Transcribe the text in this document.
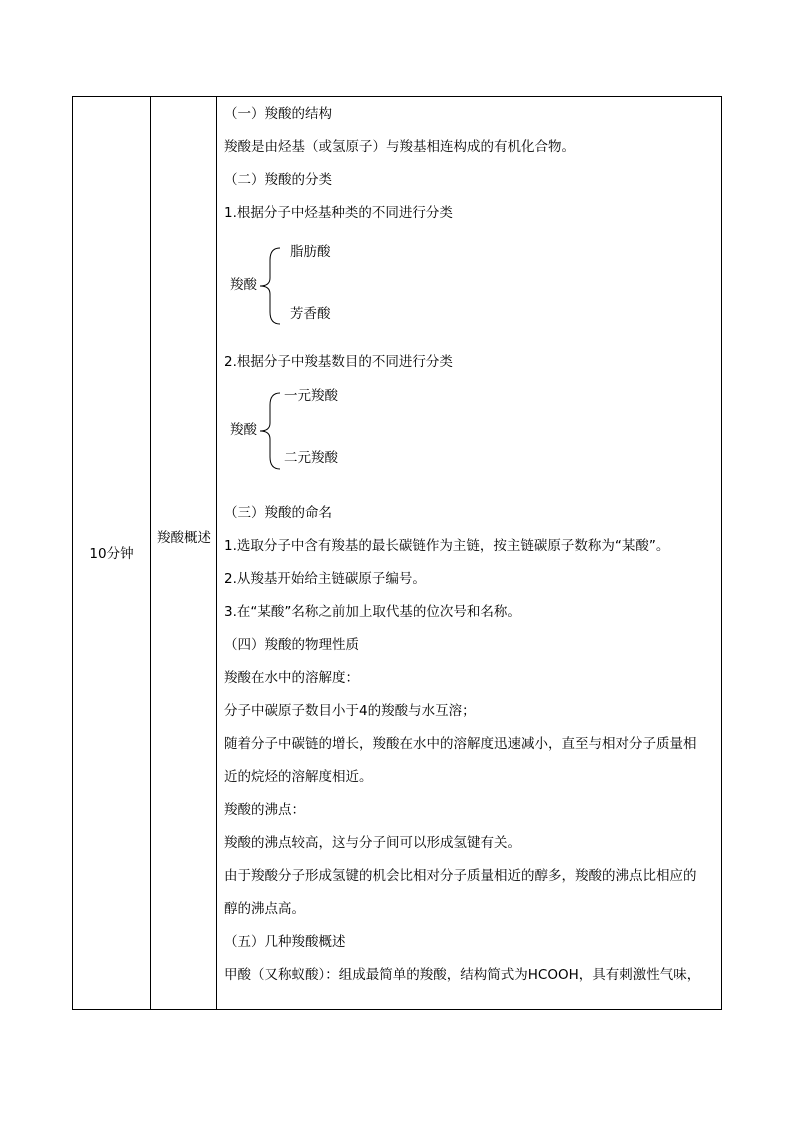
10分钟
羧酸概述
（一）羧酸的结构
羧酸是由烃基（或氢原子）与羧基相连构成的有机化合物。
（二）羧酸的分类
1.根据分子中烃基种类的不同进行分类
羧酸
脂肪酸
芳香酸
2.根据分子中羧基数目的不同进行分类
羧酸
一元羧酸
二元羧酸
（三）羧酸的命名
1.选取分子中含有羧基的最长碳链作为主链，按主链碳原子数称为“某酸”。
2.从羧基开始给主链碳原子编号。
3.在“某酸”名称之前加上取代基的位次号和名称。
（四）羧酸的物理性质
羧酸在水中的溶解度：
分子中碳原子数目小于4的羧酸与水互溶；
随着分子中碳链的增长，羧酸在水中的溶解度迅速减小，直至与相对分子质量相
近的烷烃的溶解度相近。
羧酸的沸点：
羧酸的沸点较高，这与分子间可以形成氢键有关。
由于羧酸分子形成氢键的机会比相对分子质量相近的醇多，羧酸的沸点比相应的
醇的沸点高。
（五）几种羧酸概述
甲酸（又称蚁酸）：组成最简单的羧酸，结构简式为HCOOH，具有刺激性气味，
